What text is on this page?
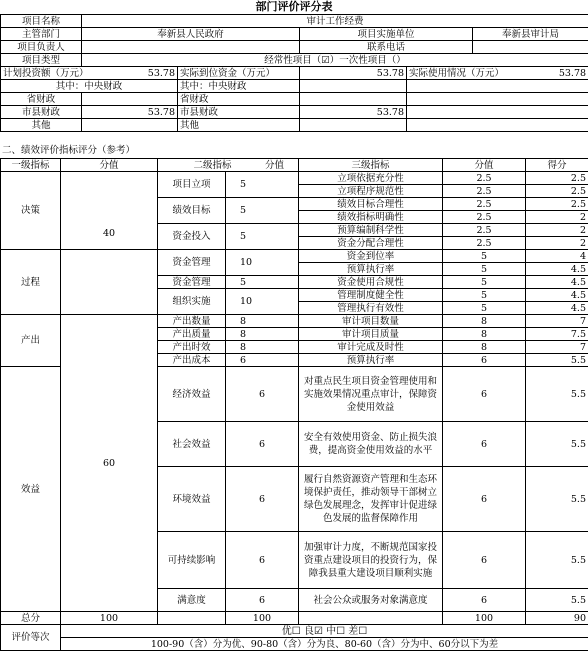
部门评价评分表
项目名称	审计工作经费				
主管部门	奉新县人民政府		项目实施单位		奉新县审计局
项目负责人			联系电话		
项目类型	经常性项目（☑）一次性项目（）				
计划投资额（万元） 53.78		实际到位资金（万元）	53.78	实际使用情况（万元） 53.78	

其中：中央财政		其中：中央财政			
省财政		省财政			
市县财政	53.78	市县财政	53.78		
其他		其他			
二、绩效评价指标评分（参考）
一级指标	分值	二级指标 分值		三级指标	分值	得分
决策	40	项目立项	5	立项依据充分性	2.5	2.5
				立项程序规范性	2.5	2.5
		绩效目标	5	绩效目标合理性	2.5	2.5
				绩效指标明确性	2.5	2
		资金投入	5	预算编制科学性	2.5	2
				资金分配合理性	2.5	2
过程		资金管理	10	资金到位率	5	4
				预算执行率	5	4.5
		资金管理	5	资金使用合规性	5	4.5
		组织实施	10	管理制度健全性	5	4.5
				管理执行有效性	5	4.5
产出	60	产出数量	8	审计项目数量	8	7
		产出质量	8	审计项目质量	8	7.5
		产出时效	8	审计完成及时性	8	7
		产出成本	6	预算执行率	6	5.5
效益		经济效益	6	对重点民生项目资金管理使用和实施效果情况重点审计，保障资金使用效益	6	5.5
		社会效益	6	安全有效使用资金、防止损失浪费，提高资金使用效益的水平	6	5.5
		环境效益	6	履行自然资源资产管理和生态环境保护责任，推动领导干部树立绿色发展理念，发挥审计促进绿色发展的监督保障作用	6	5.5
		可持续影响	6	加强审计力度，不断规范国家投资重点建设项目的投资行为，保障我县重大建设项目顺利实施	6	5.5
		满意度	6	社会公众或服务对象满意度	6	5.5
总分	100		100		100	90
评价等次	优☐ 良☑ 中☐ 差☐					
	100-90（含）分为优、90-80（含）分为良、80-60（含）分为中、60分以下为差					
